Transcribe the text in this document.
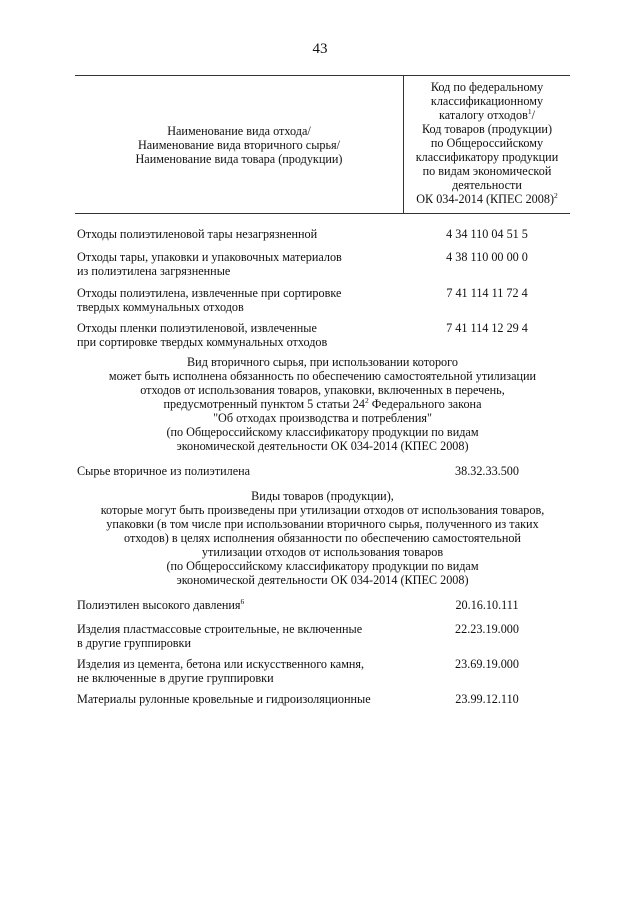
43
Наименование вида отхода/
Наименование вида вторичного сырья/
Наименование вида товара (продукции)
Код по федеральному
классификационному
каталогу отходов$^1$/
Код товаров (продукции)
по Общероссийскому
классификатору продукции
по видам экономической
деятельности
ОК 034-2014 (КПЕС 2008)$^2$
Отходы полиэтиленовой тары незагрязненной	4 34 110 04 51 5
Отходы тары, упаковки и упаковочных материалов
из полиэтилена загрязненные
4 38 110 00 00 0
Отходы полиэтилена, извлеченные при сортировке
твердых коммунальных отходов
7 41 114 11 72 4
Отходы пленки полиэтиленовой, извлеченные
при сортировке твердых коммунальных отходов
7 41 114 12 29 4
Вид вторичного сырья, при использовании которого
может быть исполнена обязанность по обеспечению самостоятельной утилизации
отходов от использования товаров, упаковки, включенных в перечень,
предусмотренный пунктом 5 статьи $24^2$ Федерального закона
"Об отходах производства и потребления"
(по Общероссийскому классификатору продукции по видам
экономической деятельности ОК 034-2014 (КПЕС 2008)
Сырье вторичное из полиэтилена	38.32.33.500
Виды товаров (продукции),
которые могут быть произведены при утилизации отходов от использования товаров,
упаковки (в том числе при использовании вторичного сырья, полученного из таких
отходов) в целях исполнения обязанности по обеспечению самостоятельной
утилизации отходов от использования товаров
(по Общероссийскому классификатору продукции по видам
экономической деятельности ОК 034-2014 (КПЕС 2008)
Полиэтилен высокого давления$^6$	20.16.10.111
Изделия пластмассовые строительные, не включенные
в другие группировки
22.23.19.000
Изделия из цемента, бетона или искусственного камня,
не включенные в другие группировки
23.69.19.000
Материалы рулонные кровельные и гидроизоляционные	23.99.12.110
